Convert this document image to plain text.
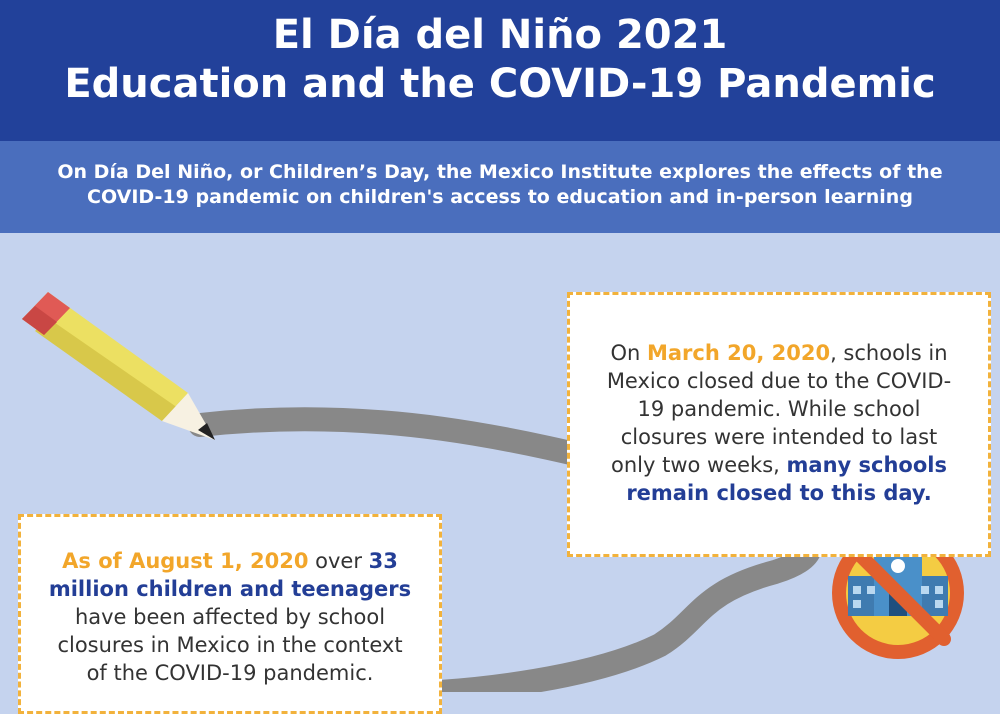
El Día del Niño 2021
Education and the COVID-19 Pandemic
On Día Del Niño, or Children’s Day, the Mexico Institute explores the effects of the
COVID-19 pandemic on children's access to education and in-person learning
On March 20, 2020, schools in
Mexico closed due to the COVID-
19 pandemic. While school
closures were intended to last
only two weeks, many schools
remain closed to this day.
As of August 1, 2020 over 33
million children and teenagers
have been affected by school
closures in Mexico in the context
of the COVID-19 pandemic.
